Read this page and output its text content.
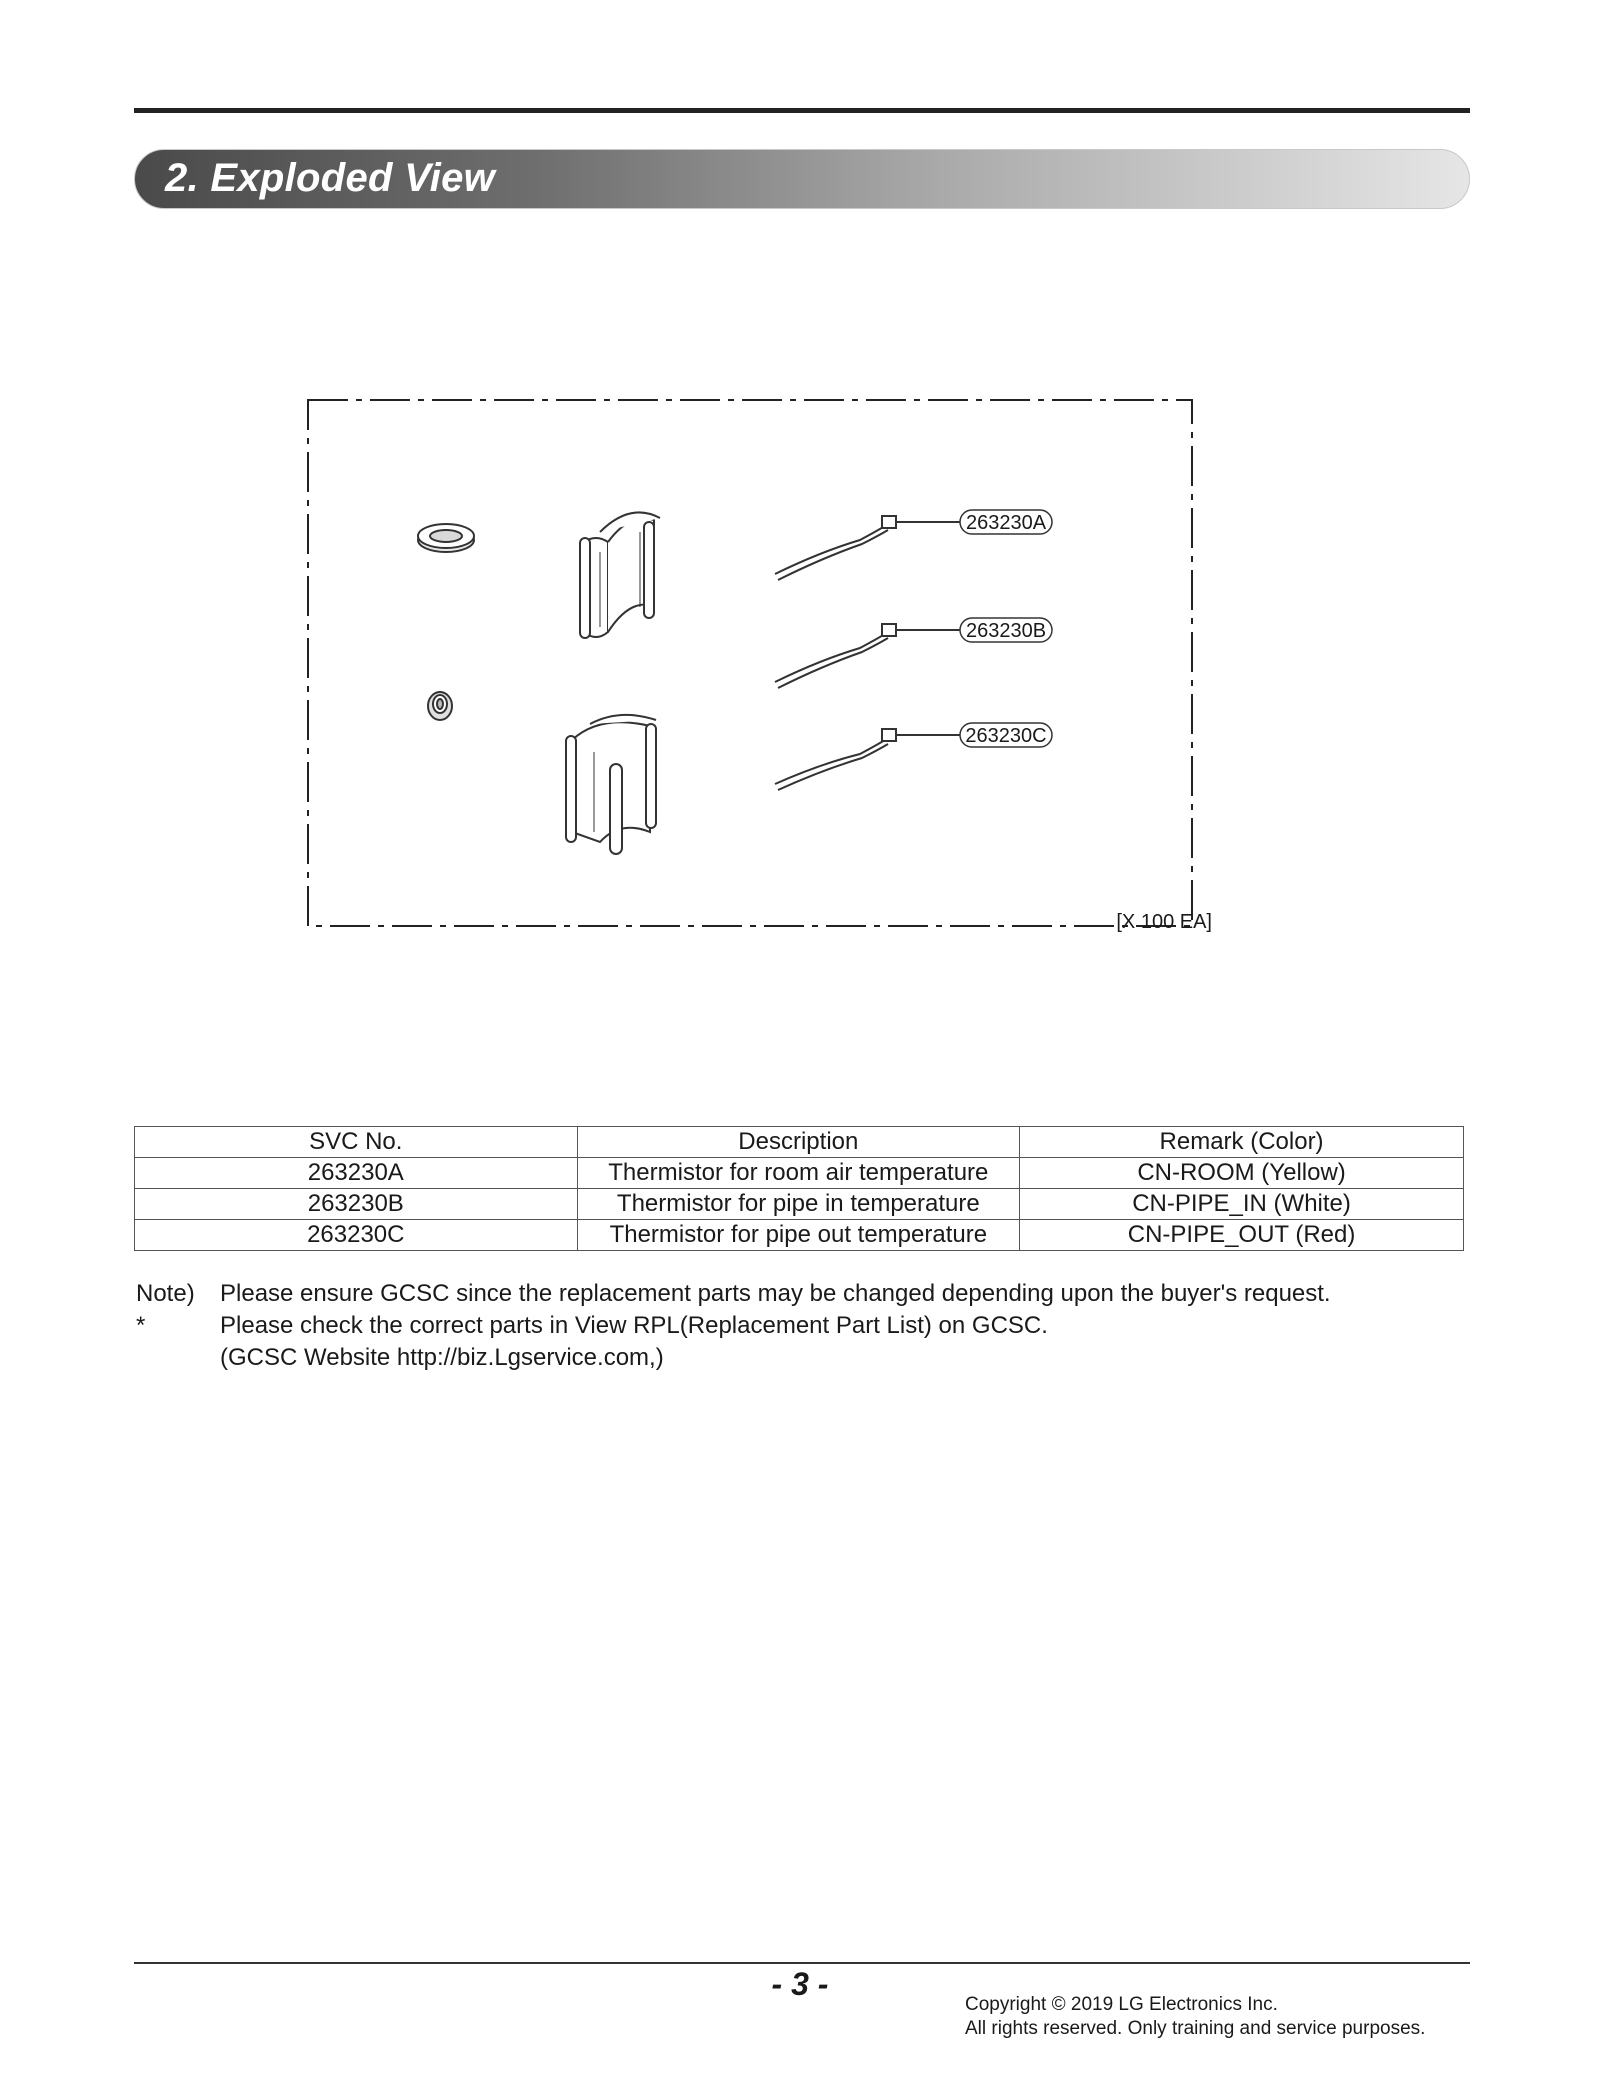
2. Exploded View
263230A
263230B
263230C
[X 100 EA]
SVC No.	Description	Remark (Color)
263230A	Thermistor for room air temperature	CN-ROOM (Yellow)
263230B	Thermistor for pipe in temperature	CN-PIPE_IN (White)
263230C	Thermistor for pipe out temperature	CN-PIPE_OUT (Red)
Note) *
Please ensure GCSC since the replacement parts may be changed depending upon the buyer's request.
Please check the correct parts in View RPL(Replacement Part List) on GCSC.
(GCSC Website http://biz.Lgservice.com,)
- 3 -
Copyright © 2019 LG Electronics Inc.
All rights reserved. Only training and service purposes.
